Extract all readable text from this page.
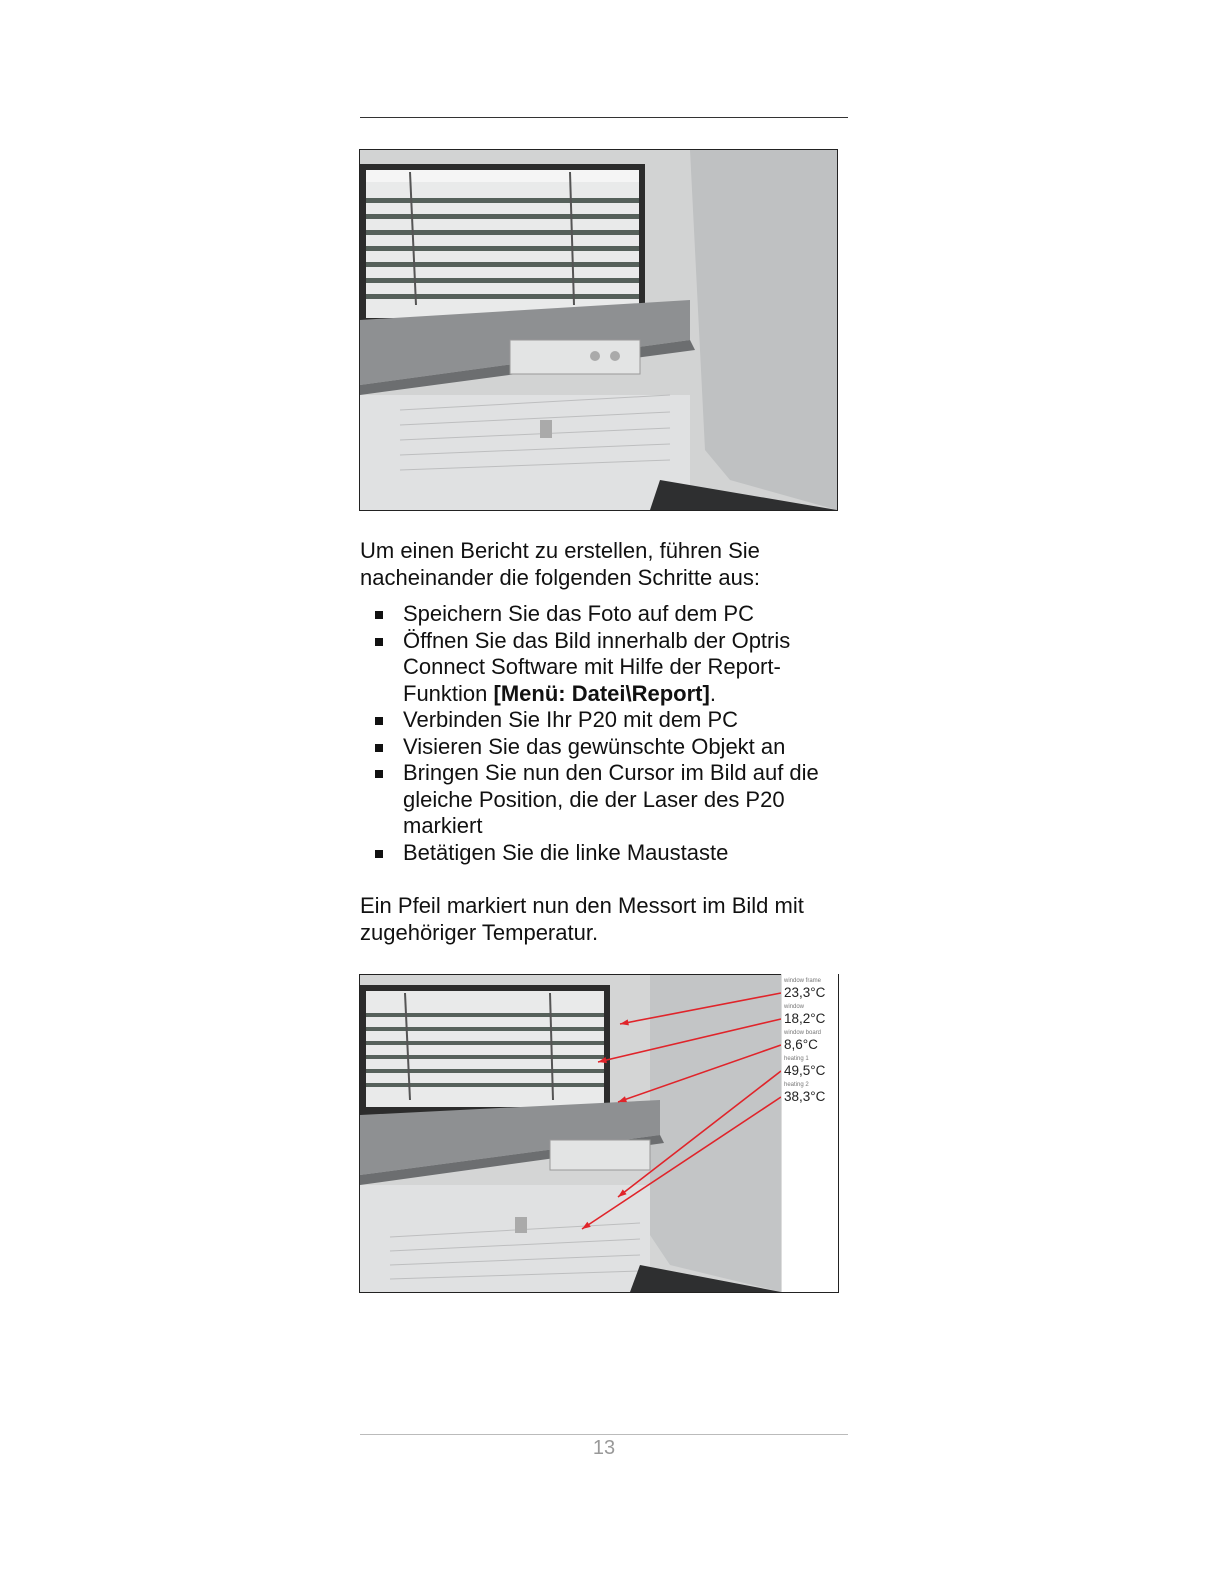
Um einen Bericht zu erstellen, führen Sie nacheinander die folgenden Schritte aus:
Speichern Sie das Foto auf dem PC
Öffnen Sie das Bild innerhalb der Optris Connect Software mit Hilfe der Report-Funktion [Menü: Datei\Report].
Verbinden Sie Ihr P20 mit dem PC
Visieren Sie das gewünschte Objekt an
Bringen Sie nun den Cursor im Bild auf die gleiche Position, die der Laser des P20 markiert
Betätigen Sie die linke Maustaste
Ein Pfeil markiert nun den Messort im Bild mit zugehöriger Temperatur.
window frame
23,3°C
window
18,2°C
window board
8,6°C
heating 1
49,5°C
heating 2
38,3°C
13
